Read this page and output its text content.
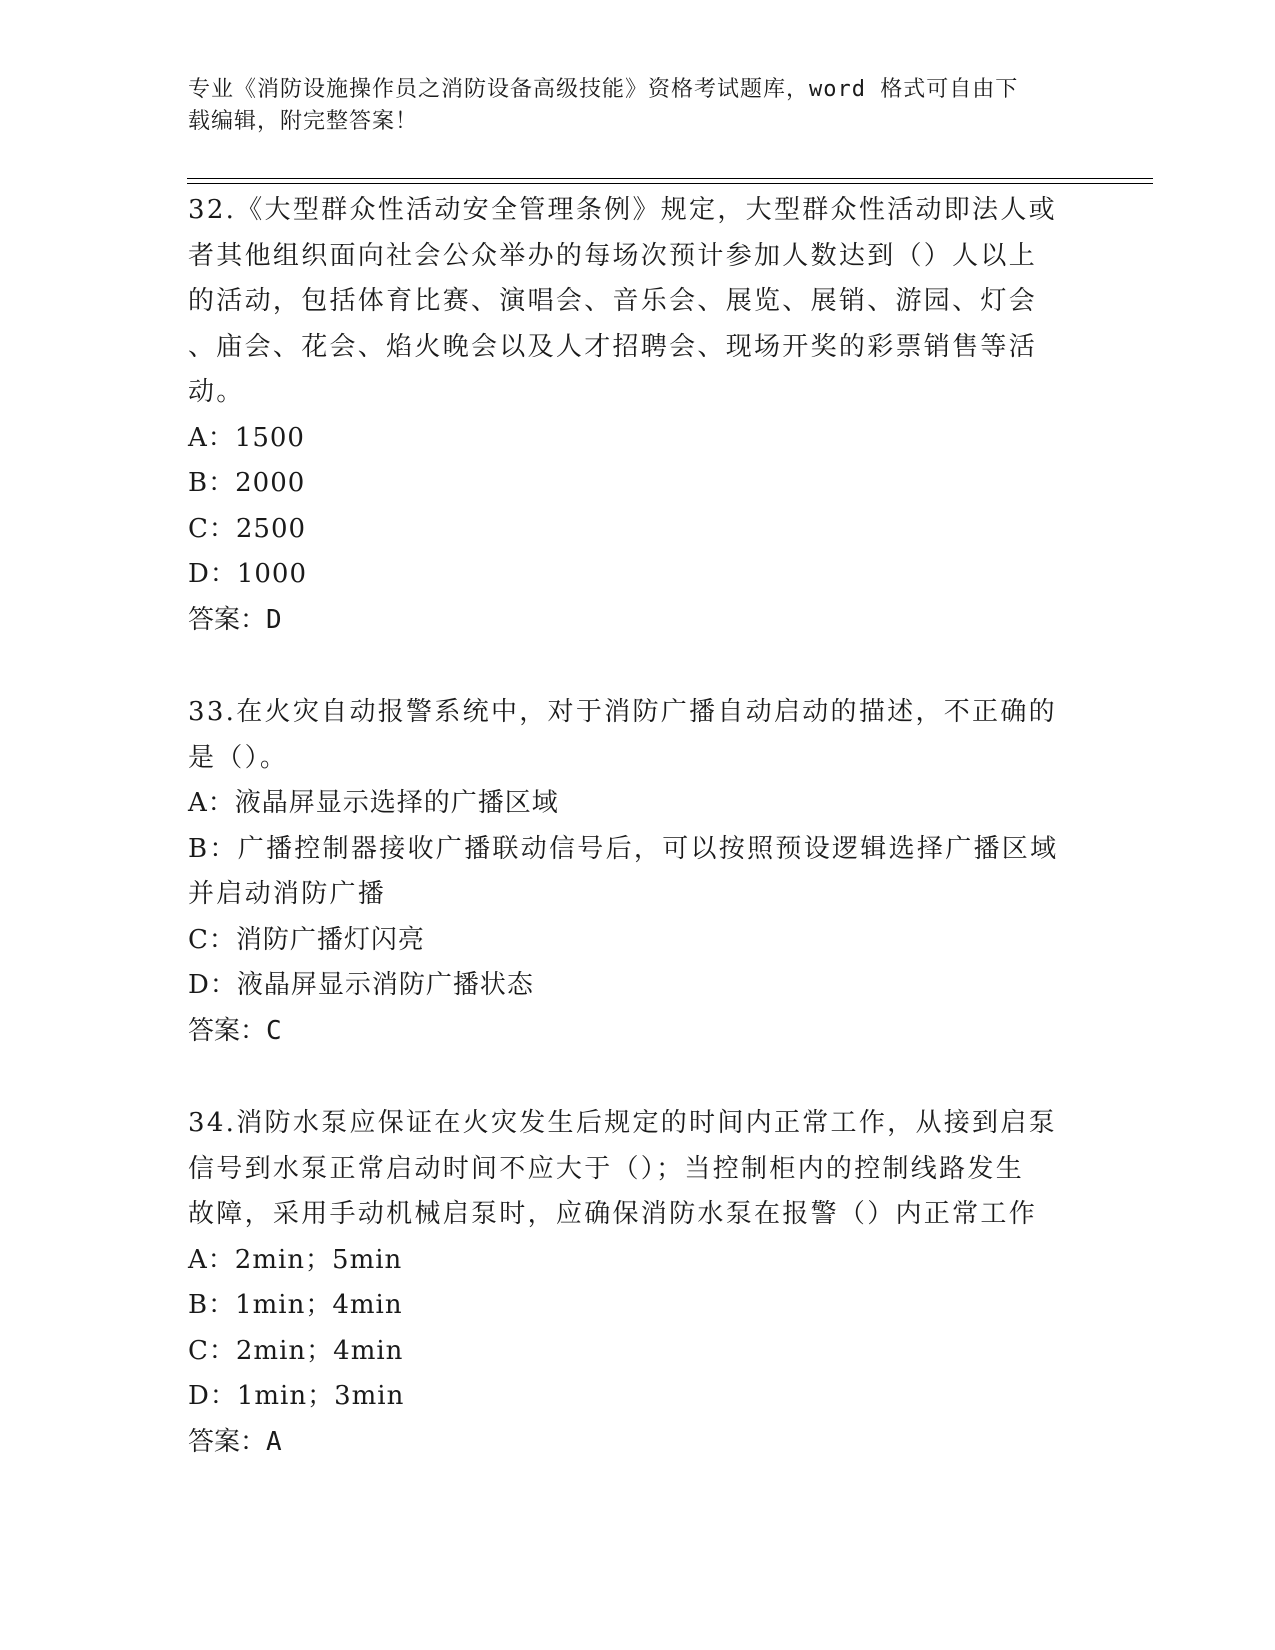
专业《消防设施操作员之消防设备高级技能》资格考试题库，word 格式可自由下
载编辑，附完整答案！
32.《大型群众性活动安全管理条例》规定，大型群众性活动即法人或
者其他组织面向社会公众举办的每场次预计参加人数达到（）人以上
的活动，包括体育比赛、演唱会、音乐会、展览、展销、游园、灯会
、庙会、花会、焰火晚会以及人才招聘会、现场开奖的彩票销售等活
动。
A：1500
B：2000
C：2500
D：1000
答案：D
33.在火灾自动报警系统中，对于消防广播自动启动的描述，不正确的
是（）。
A：液晶屏显示选择的广播区域
B：广播控制器接收广播联动信号后，可以按照预设逻辑选择广播区域
并启动消防广播
C：消防广播灯闪亮
D：液晶屏显示消防广播状态
答案：C
34.消防水泵应保证在火灾发生后规定的时间内正常工作，从接到启泵
信号到水泵正常启动时间不应大于（）；当控制柜内的控制线路发生
故障，采用手动机械启泵时，应确保消防水泵在报警（）内正常工作
A：2min；5min
B：1min；4min
C：2min；4min
D：1min；3min
答案：A
